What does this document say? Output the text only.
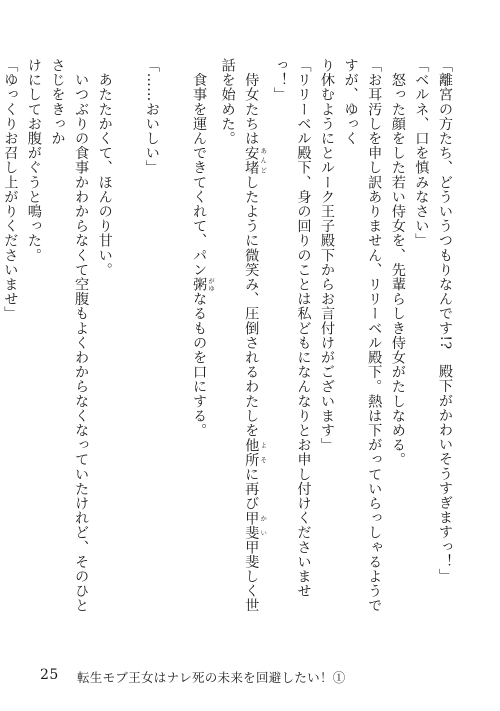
「離宮の方たち、どういうつもりなんです!?　殿下がかわいそうすぎますっ！」

「ベルネ、口を慎みなさい」

　怒った顔をした若い侍女を、先輩らしき侍女がたしなめる。

「お耳汚しを申し訳ありません、リリーベル殿下。熱は下がっていらっしゃるようですが、ゆっく

り休むようにとルーク王子殿下からお言付けがございます」

「リリーベル殿下、身の回りのことは私どもになんなりとお申し付けくださいませっ！」

　侍女たちは安堵 あんどしたように微笑み、圧倒されるわたしを他所 よそに再び甲斐 かい甲斐しく世話を始めた。

　食事を運んできてくれて、パン粥 がゆなるものを口にする。

「……おいしい」

　あたたかくて、ほんのり甘い。

　いつぶりの食事かわからなくて空腹もよくわからなくなっていたけれど、そのひとさじをきっか

けにしてお腹がぐうと鳴った。

「ゆっくりお召し上がりくださいませ」

25 転生モブ王女はナレ死の未来を回避したい！①
